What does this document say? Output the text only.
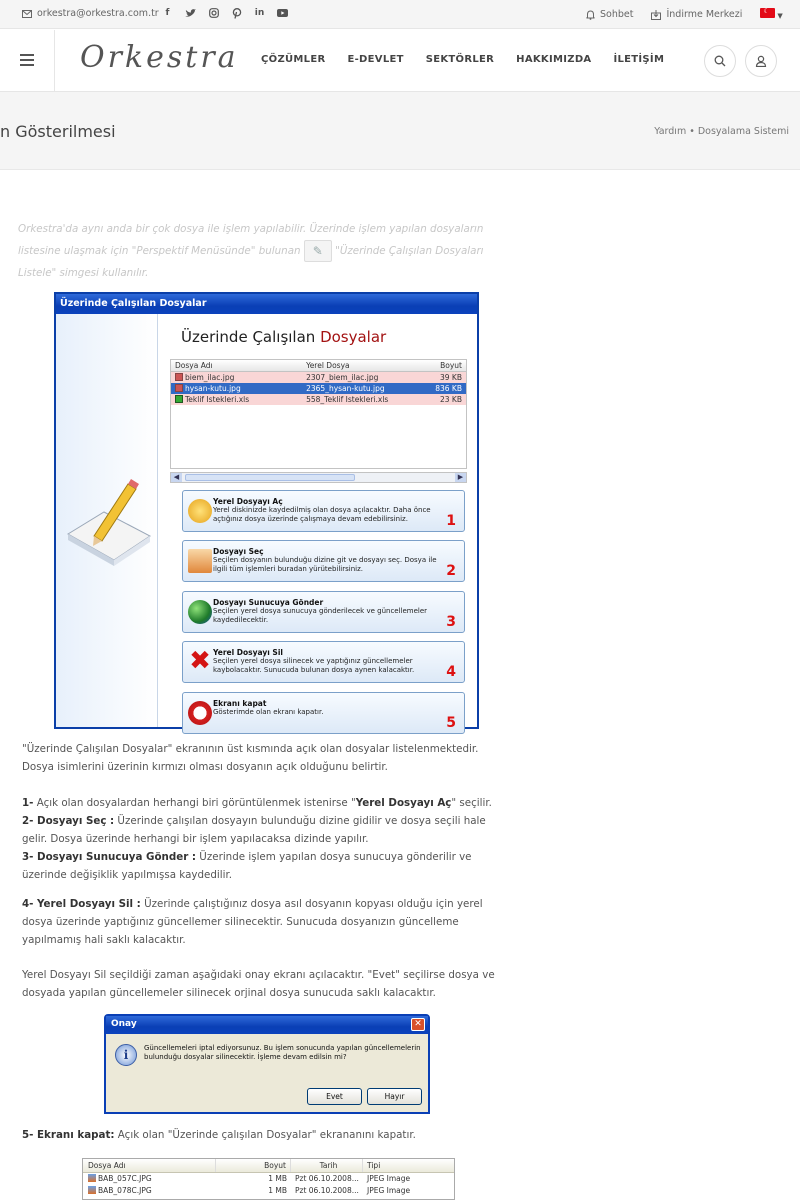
orkestra@orkestra.com.tr f	in	Sohbet	İndirme Merkezi ☾	▼
Orkestra ÇÖZÜMLER E-DEVLET SEKTÖRLER HAKKIMIZDA İLETİŞİM
n Gösterilmesi	Yardım • Dosyalama Sistemi
Orkestra'da aynı anda bir çok dosya ile işlem yapılabilir. Üzerinde işlem yapılan dosyaların listesine ulaşmak için "Perspektif Menüsünde" bulunan ✎ "Üzerinde Çalışılan Dosyaları Listele" simgesi kullanılır.
Üzerinde Çalışılan Dosyalar
Üzerinde Çalışılan Dosyalar
Dosya Adı	Yerel Dosya	Boyut
biem_ilac.jpg	2307_biem_ilac.jpg	39 KB
hysan-kutu.jpg	2365_hysan-kutu.jpg	836 KB
Teklif Istekleri.xls	558_Teklif Istekleri.xls	23 KB
◀	▶
Yerel Dosyayı Aç
Yerel diskinizde kaydedilmiş olan dosya açılacaktır. Daha önce açtığınız dosya üzerinde çalışmaya devam edebilirsiniz.	1
Dosyayı Seç
Seçilen dosyanın bulunduğu dizine git ve dosyayı seç. Dosya ile ilgili tüm işlemleri buradan yürütebilirsiniz.	2
Dosyayı Sunucuya Gönder
Seçilen yerel dosya sunucuya gönderilecek ve güncellemeler kaydedilecektir.	3
✖ Yerel Dosyayı Sil
Seçilen yerel dosya silinecek ve yaptığınız güncellemeler kaybolacaktır. Sunucuda bulunan dosya aynen kalacaktır.	4
Ekranı kapat
Gösterimde olan ekranı kapatır.
5
"Üzerinde Çalışılan Dosyalar" ekranının üst kısmında açık olan dosyalar listelenmektedir. Dosya isimlerini üzerinin kırmızı olması dosyanın açık olduğunu belirtir.
1- Açık olan dosyalardan herhangi biri görüntülenmek istenirse "Yerel Dosyayı Aç" seçilir.
2- Dosyayı Seç : Üzerinde çalışılan dosyayın bulunduğu dizine gidilir ve dosya seçili hale gelir. Dosya üzerinde herhangi bir işlem yapılacaksa dizinde yapılır.
3- Dosyayı Sunucuya Gönder : Üzerinde işlem yapılan dosya sunucuya gönderilir ve üzerinde değişiklik yapılmışsa kaydedilir.
4- Yerel Dosyayı Sil : Üzerinde çalıştığınız dosya asıl dosyanın kopyası olduğu için yerel dosya üzerinde yaptığınız güncellemer silinecektir. Sunucuda dosyanızın güncelleme yapılmamış hali saklı kalacaktır.
Yerel Dosyayı Sil seçildiği zaman aşağıdaki onay ekranı açılacaktır. "Evet" seçilirse dosya ve dosyada yapılan güncellemeler silinecek orjinal dosya sunucuda saklı kalacaktır.
Onay	✕
i	Güncellemeleri iptal ediyorsunuz. Bu işlem sonucunda yapılan güncellemelerin bulunduğu dosyalar silinecektir. İşleme devam edilsin mi?
Evet	Hayır
5- Ekranı kapat: Açık olan "Üzerinde çalışılan Dosyalar" ekrananını kapatır.
Dosya Adı	Boyut	Tarih	Tipi
BAB_057C.JPG	1 MB	Pzt 06.10.2008...	JPEG Image
BAB_078C.JPG	1 MB	Pzt 06.10.2008...	JPEG Image
